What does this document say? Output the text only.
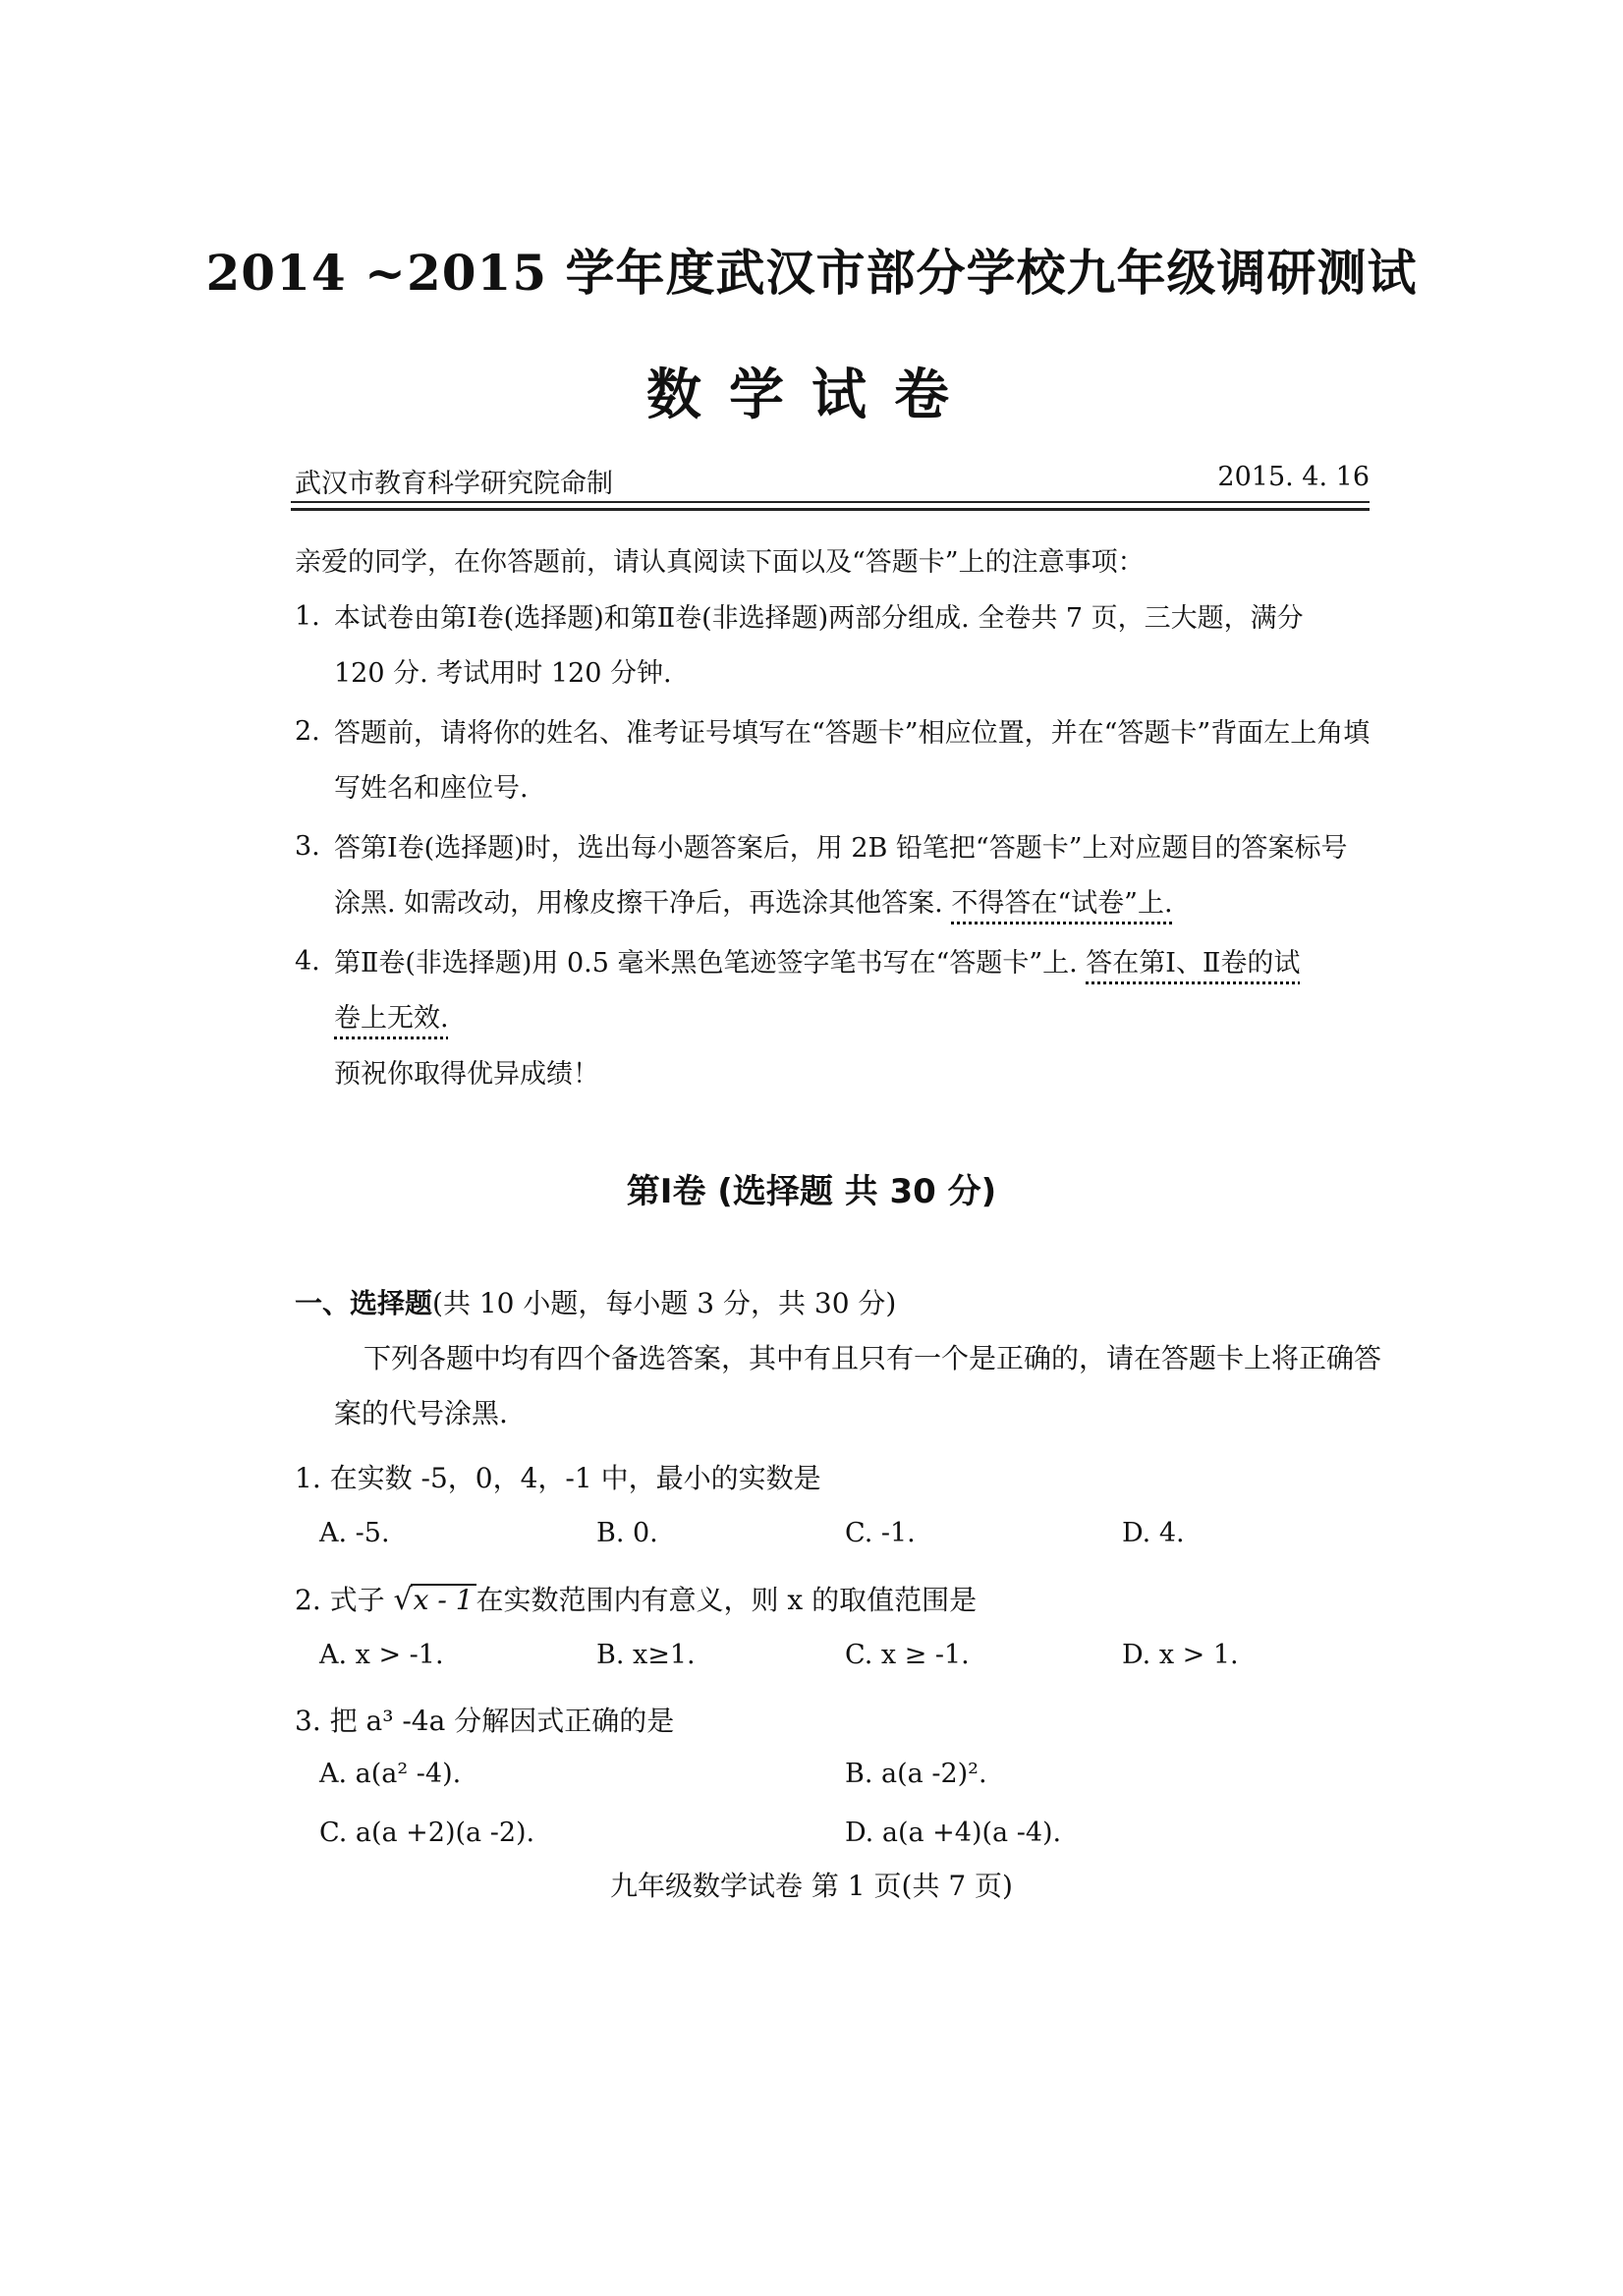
2014 ~2015 学年度武汉市部分学校九年级调研测试
数学试卷
武汉市教育科学研究院命制	2015. 4. 16
亲爱的同学，在你答题前，请认真阅读下面以及“答题卡”上的注意事项：
1. 本试卷由第Ⅰ卷(选择题)和第Ⅱ卷(非选择题)两部分组成. 全卷共 7 页，三大题，满分
120 分. 考试用时 120 分钟.
2. 答题前，请将你的姓名、准考证号填写在“答题卡”相应位置，并在“答题卡”背面左上角填
写姓名和座位号.
3. 答第Ⅰ卷(选择题)时，选出每小题答案后，用 2B 铅笔把“答题卡”上对应题目的答案标号
涂黑. 如需改动，用橡皮擦干净后，再选涂其他答案. 不得答在“试卷”上.
4. 第Ⅱ卷(非选择题)用 0.5 毫米黑色笔迹签字笔书写在“答题卡”上. 答在第Ⅰ、Ⅱ卷的试
卷上无效.
预祝你取得优异成绩！
第Ⅰ卷 (选择题 共 30 分)
一、选择题(共 10 小题，每小题 3 分，共 30 分)
下列各题中均有四个备选答案，其中有且只有一个是正确的，请在答题卡上将正确答
案的代号涂黑.
1. 在实数 -5，0，4，-1 中，最小的实数是
A. -5.	B. 0.	C. -1.	D. 4.
2. 式子 √x - 1 在实数范围内有意义，则 x 的取值范围是
A. x > -1.	B. x≥1.	C. x ≥ -1.	D. x > 1.
3. 把 a³ -4a 分解因式正确的是
A. a(a² -4).	B. a(a -2)².
C. a(a +2)(a -2).	D. a(a +4)(a -4).
九年级数学试卷 第 1 页(共 7 页)
